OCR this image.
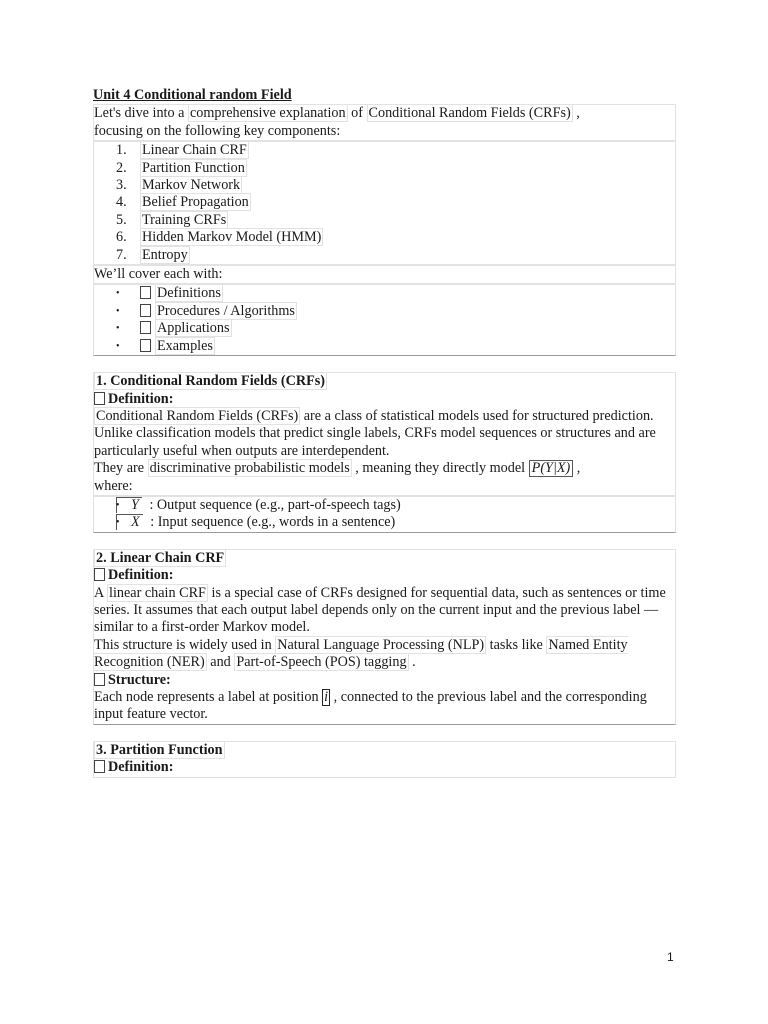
Unit 4 Conditional random Field
Let's dive into a comprehensive explanation of Conditional Random Fields (CRFs) ,
focusing on the following key components:
1. Linear Chain CRF
2. Partition Function
3. Markov Network
4. Belief Propagation
5. Training CRFs
6. Hidden Markov Model (HMM)
7. Entropy
We’ll cover each with:
•	Definitions
•	Procedures / Algorithms
•	Applications
•	Examples
1. Conditional Random Fields (CRFs)
Definition:
Conditional Random Fields (CRFs) are a class of statistical models used for structured prediction. Unlike classification models that predict single labels, CRFs model sequences or structures and are particularly useful when outputs are interdependent.
They are discriminative probabilistic models , meaning they directly model P(Y|X) ,
where:
• Y : Output sequence (e.g., part-of-speech tags)
• X : Input sequence (e.g., words in a sentence)
2. Linear Chain CRF
Definition:
A linear chain CRF is a special case of CRFs designed for sequential data, such as sentences or time series. It assumes that each output label depends only on the current input and the previous label — similar to a first-order Markov model.
This structure is widely used in Natural Language Processing (NLP) tasks like Named Entity Recognition (NER) and Part-of-Speech (POS) tagging .
Structure:
Each node represents a label at position i , connected to the previous label and the corresponding input feature vector.
3. Partition Function
Definition:
1
